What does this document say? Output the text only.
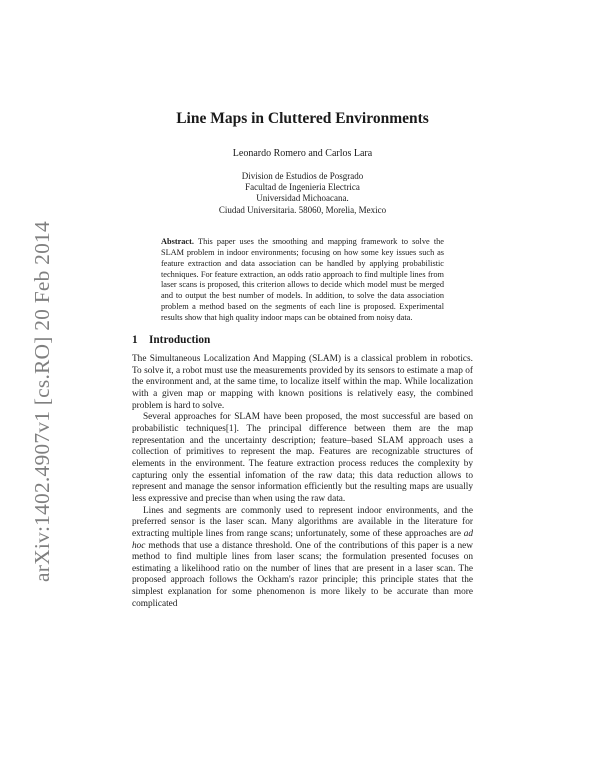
arXiv:1402.4907v1 [cs.RO] 20 Feb 2014
Line Maps in Cluttered Environments
Leonardo Romero and Carlos Lara
Division de Estudios de Posgrado
Facultad de Ingenieria Electrica
Universidad Michoacana.
Ciudad Universitaria. 58060, Morelia, Mexico
Abstract. This paper uses the smoothing and mapping framework to solve the SLAM problem in indoor environments; focusing on how some key issues such as feature extraction and data association can be handled by applying probabilistic techniques. For feature extraction, an odds ratio approach to find multiple lines from laser scans is proposed, this criterion allows to decide which model must be merged and to output the best number of models. In addition, to solve the data association problem a method based on the segments of each line is proposed. Experimental results show that high quality indoor maps can be obtained from noisy data.
1 Introduction

The Simultaneous Localization And Mapping (SLAM) is a classical problem in robotics. To solve it, a robot must use the measurements provided by its sensors to estimate a map of the environment and, at the same time, to localize itself within the map. While localization with a given map or mapping with known positions is relatively easy, the combined problem is hard to solve.

Several approaches for SLAM have been proposed, the most successful are based on probabilistic techniques[1]. The principal difference between them are the map representation and the uncertainty description; feature–based SLAM approach uses a collection of primitives to represent the map. Features are recognizable structures of elements in the environment. The feature extraction process reduces the complexity by capturing only the essential infomation of the raw data; this data reduction allows to represent and manage the sensor information efficiently but the resulting maps are usually less expressive and precise than when using the raw data.

Lines and segments are commonly used to represent indoor environments, and the preferred sensor is the laser scan. Many algorithms are available in the literature for extracting multiple lines from range scans; unfortunately, some of these approaches are ad hoc methods that use a distance threshold. One of the contributions of this paper is a new method to find multiple lines from laser scans; the formulation presented focuses on estimating a likelihood ratio on the number of lines that are present in a laser scan. The proposed approach follows the Ockham's razor principle; this principle states that the simplest explanation for some phenomenon is more likely to be accurate than more complicated
